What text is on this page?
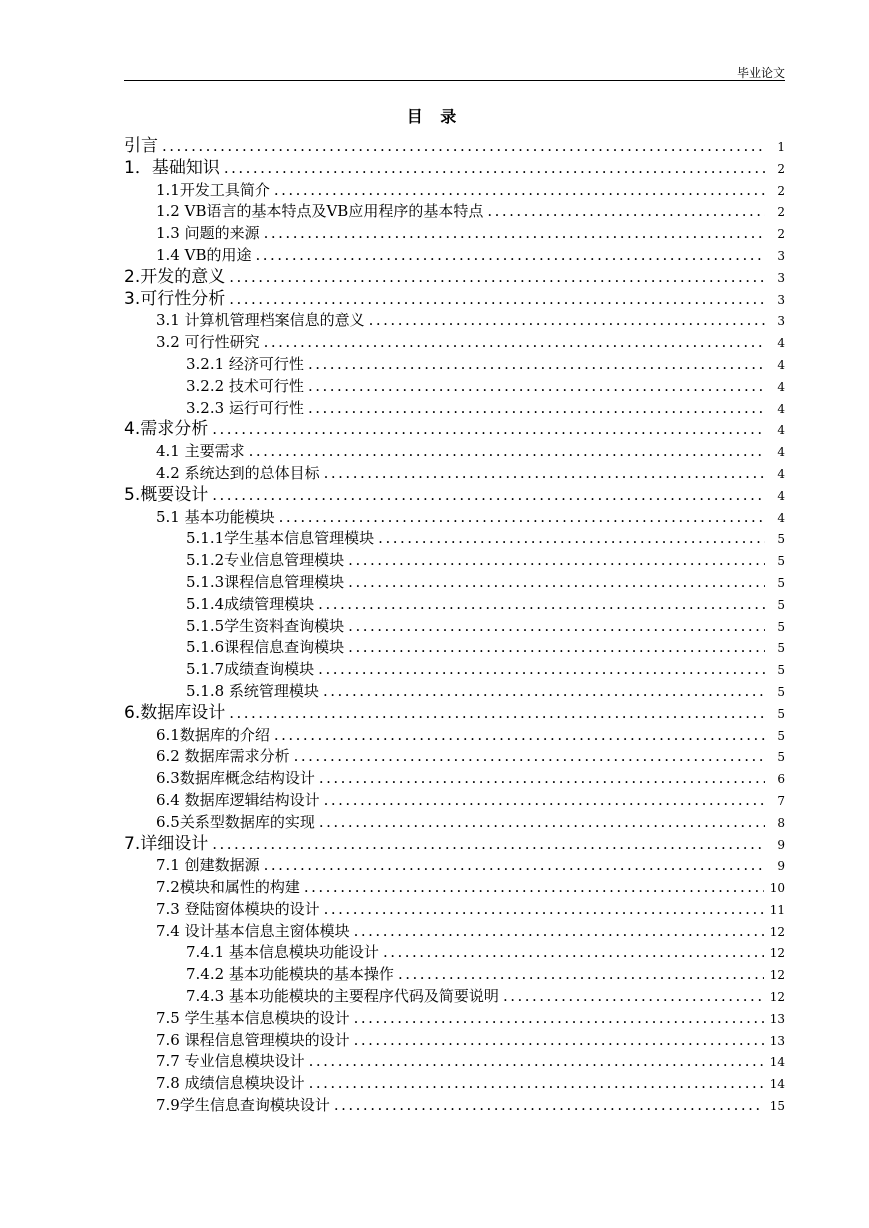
毕业论文
目 录
引言 .....	1
1．基础知识 .....	2
1.1开发工具简介 .....	2
1.2 VB语言的基本特点及VB应用程序的基本特点 .....	2
1.3 问题的来源 .....	2
1.4 VB的用途 .....	3
2.开发的意义 .....	3
3.可行性分析 .....	3
3.1 计算机管理档案信息的意义 .....	3
3.2 可行性研究 .....	4
3.2.1 经济可行性 .....	4
3.2.2 技术可行性 .....	4
3.2.3 运行可行性 .....	4
4.需求分析 .....	4
4.1 主要需求 .....	4
4.2 系统达到的总体目标 .....	4
5.概要设计 .....	4
5.1 基本功能模块 .....	4
5.1.1学生基本信息管理模块 .....	5
5.1.2专业信息管理模块 .....	5
5.1.3课程信息管理模块 .....	5
5.1.4成绩管理模块 .....	5
5.1.5学生资料查询模块 .....	5
5.1.6课程信息查询模块 .....	5
5.1.7成绩查询模块 .....	5
5.1.8 系统管理模块 .....	5
6.数据库设计 .....	5
6.1数据库的介绍 .....	5
6.2 数据库需求分析 .....	5
6.3数据库概念结构设计 .....	6
6.4 数据库逻辑结构设计 .....	7
6.5关系型数据库的实现 .....	8
7.详细设计 .....	9
7.1 创建数据源 .....	9
7.2模块和属性的构建 .....	10
7.3 登陆窗体模块的设计 .....	11
7.4 设计基本信息主窗体模块 .....	12
7.4.1 基本信息模块功能设计 .....	12
7.4.2 基本功能模块的基本操作 .....	12
7.4.3 基本功能模块的主要程序代码及简要说明 .....	12
7.5 学生基本信息模块的设计 .....	13
7.6 课程信息管理模块的设计 .....	13
7.7 专业信息模块设计 .....	14
7.8 成绩信息模块设计 .....	14
7.9学生信息查询模块设计 .....	15
